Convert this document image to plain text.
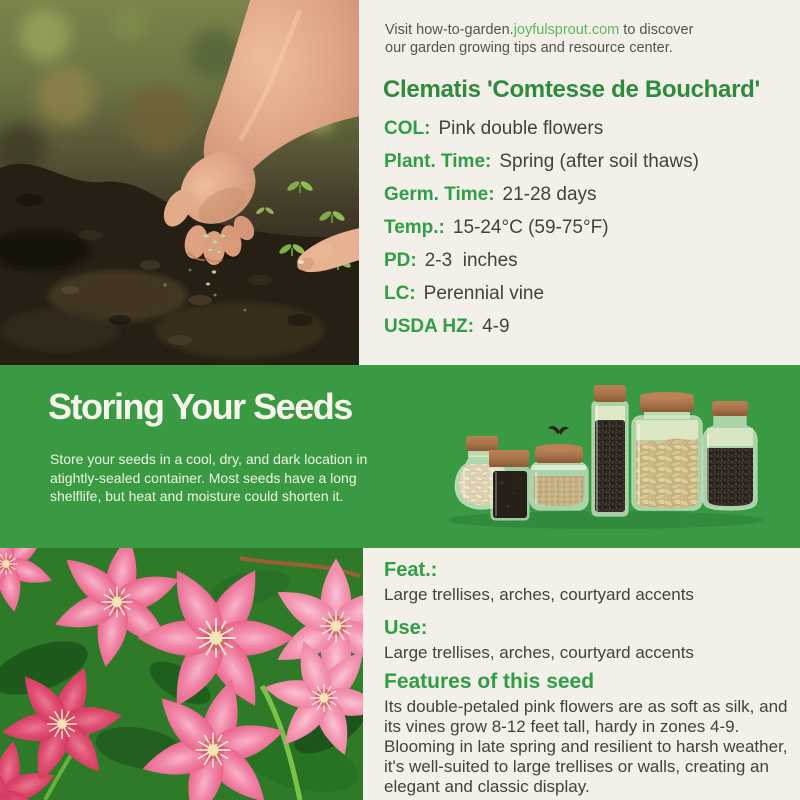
Visit how-to-garden.joyfulsprout.com to discover
our garden growing tips and resource center.

Clematis 'Comtesse de Bouchard'
COL: Pink double flowers
Plant. Time: Spring (after soil thaws)
Germ. Time: 21-28 days
Temp.: 15-24°C (59-75°F)
PD: 2-3  inches
LC: Perennial vine
USDA HZ: 4-9
Storing Your Seeds

Store your seeds in a cool, dry, and dark location in atightly-sealed container. Most seeds have a long shelflife, but heat and moisture could shorten it.

Feat.:

Large trellises, arches, courtyard accents

Use:

Large trellises, arches, courtyard accents

Features of this seed

Its double-petaled pink flowers are as soft as silk, and its vines grow 8-12 feet tall, hardy in zones 4-9. Blooming in late spring and resilient to harsh weather, it's well-suited to large trellises or walls, creating an elegant and classic display.
